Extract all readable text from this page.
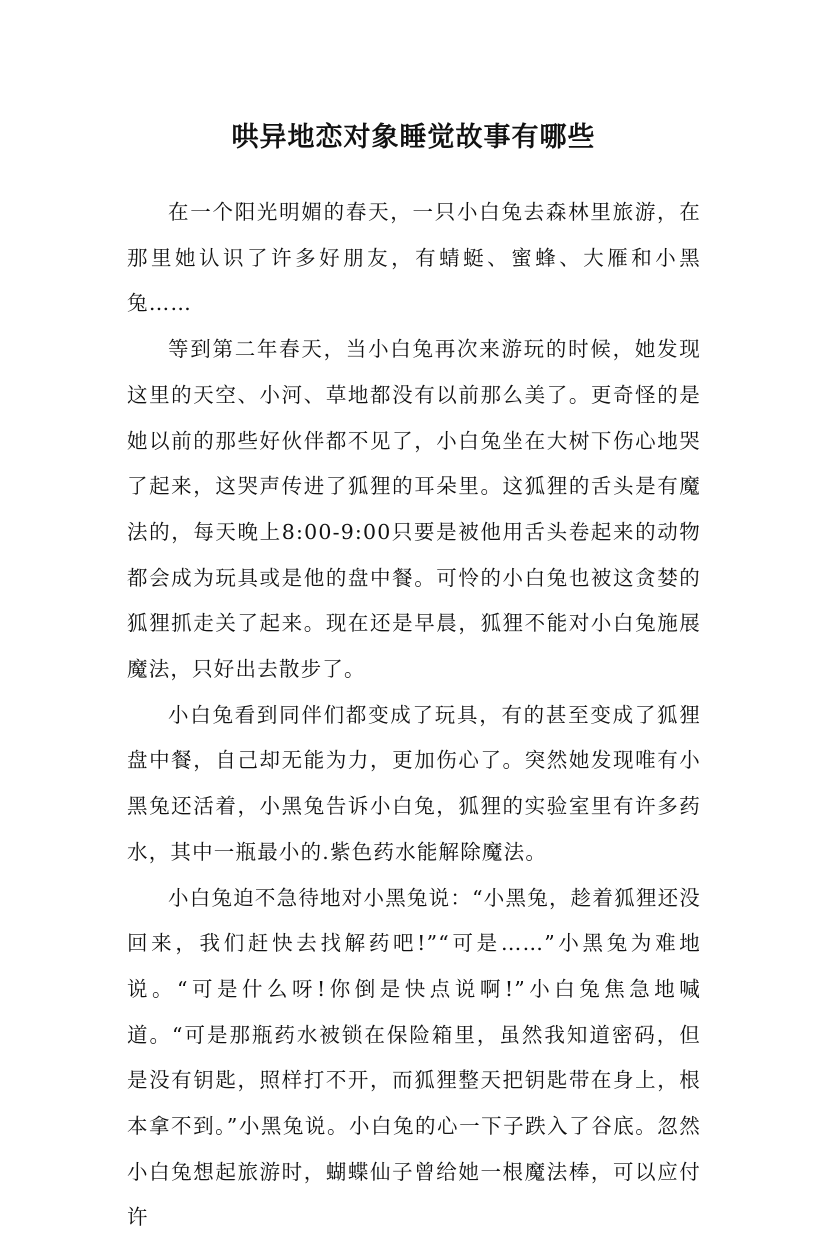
哄异地恋对象睡觉故事有哪些

在一个阳光明媚的春天，一只小白兔去森林里旅游，在那里她认识了许多好朋友，有蜻蜓、蜜蜂、大雁和小黑兔……

等到第二年春天，当小白兔再次来游玩的时候，她发现这里的天空、小河、草地都没有以前那么美了。更奇怪的是她以前的那些好伙伴都不见了，小白兔坐在大树下伤心地哭了起来，这哭声传进了狐狸的耳朵里。这狐狸的舌头是有魔法的，每天晚上8:00-9:00只要是被他用舌头卷起来的动物都会成为玩具或是他的盘中餐。可怜的小白兔也被这贪婪的狐狸抓走关了起来。现在还是早晨，狐狸不能对小白兔施展魔法，只好出去散步了。

小白兔看到同伴们都变成了玩具，有的甚至变成了狐狸盘中餐，自己却无能为力，更加伤心了。突然她发现唯有小黑兔还活着，小黑兔告诉小白兔，狐狸的实验室里有许多药水，其中一瓶最小的.紫色药水能解除魔法。

小白兔迫不急待地对小黑兔说：“小黑兔，趁着狐狸还没回来，我们赶快去找解药吧!”“可是……”小黑兔为难地说。“可是什么呀!你倒是快点说啊!”小白兔焦急地喊道。“可是那瓶药水被锁在保险箱里，虽然我知道密码，但是没有钥匙，照样打不开，而狐狸整天把钥匙带在身上，根本拿不到。”小黑兔说。小白兔的心一下子跌入了谷底。忽然小白兔想起旅游时，蝴蝶仙子曾给她一根魔法棒，可以应付许
